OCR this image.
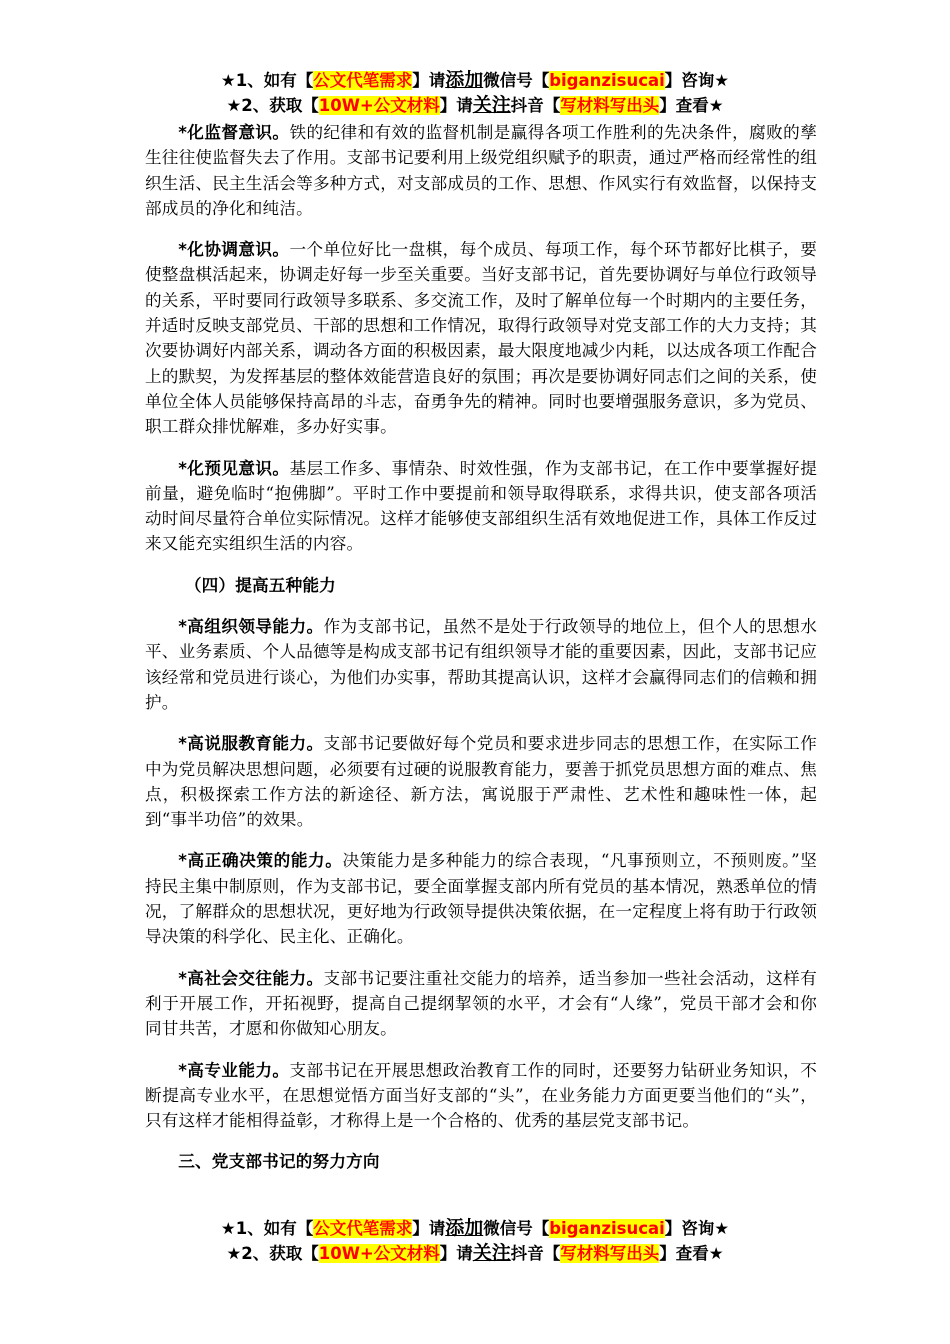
★1、如有【公文代笔需求】请添加微信号【biganzisucai】咨询★
★2、获取【10W+公文材料】请关注抖音【写材料写出头】查看★

*化监督意识。铁的纪律和有效的监督机制是赢得各项工作胜利的先决条件，腐败的孳生往往使监督失去了作用。支部书记要利用上级党组织赋予的职责，通过严格而经常性的组织生活、民主生活会等多种方式，对支部成员的工作、思想、作风实行有效监督，以保持支部成员的净化和纯洁。

*化协调意识。一个单位好比一盘棋，每个成员、每项工作，每个环节都好比棋子，要使整盘棋活起来，协调走好每一步至关重要。当好支部书记，首先要协调好与单位行政领导的关系，平时要同行政领导多联系、多交流工作，及时了解单位每一个时期内的主要任务，并适时反映支部党员、干部的思想和工作情况，取得行政领导对党支部工作的大力支持；其次要协调好内部关系，调动各方面的积极因素，最大限度地减少内耗，以达成各项工作配合上的默契，为发挥基层的整体效能营造良好的氛围；再次是要协调好同志们之间的关系，使单位全体人员能够保持高昂的斗志，奋勇争先的精神。同时也要增强服务意识，多为党员、职工群众排忧解难，多办好实事。

*化预见意识。基层工作多、事情杂、时效性强，作为支部书记，在工作中要掌握好提前量，避免临时“抱佛脚”。平时工作中要提前和领导取得联系，求得共识，使支部各项活动时间尽量符合单位实际情况。这样才能够使支部组织生活有效地促进工作，具体工作反过来又能充实组织生活的内容。

（四）提高五种能力

*高组织领导能力。作为支部书记，虽然不是处于行政领导的地位上，但个人的思想水平、业务素质、个人品德等是构成支部书记有组织领导才能的重要因素，因此，支部书记应该经常和党员进行谈心，为他们办实事，帮助其提高认识，这样才会赢得同志们的信赖和拥护。

*高说服教育能力。支部书记要做好每个党员和要求进步同志的思想工作，在实际工作中为党员解决思想问题，必须要有过硬的说服教育能力，要善于抓党员思想方面的难点、焦点，积极探索工作方法的新途径、新方法，寓说服于严肃性、艺术性和趣味性一体，起到“事半功倍”的效果。

*高正确决策的能力。决策能力是多种能力的综合表现，“凡事预则立，不预则废。”坚持民主集中制原则，作为支部书记，要全面掌握支部内所有党员的基本情况，熟悉单位的情况，了解群众的思想状况，更好地为行政领导提供决策依据，在一定程度上将有助于行政领导决策的科学化、民主化、正确化。

*高社会交往能力。支部书记要注重社交能力的培养，适当参加一些社会活动，这样有利于开展工作，开拓视野，提高自己提纲挈领的水平，才会有“人缘”，党员干部才会和你同甘共苦，才愿和你做知心朋友。

*高专业能力。支部书记在开展思想政治教育工作的同时，还要努力钻研业务知识，不断提高专业水平，在思想觉悟方面当好支部的“头”，在业务能力方面更要当他们的“头”，只有这样才能相得益彰，才称得上是一个合格的、优秀的基层党支部书记。

三、党支部书记的努力方向

★1、如有【公文代笔需求】请添加微信号【biganzisucai】咨询★
★2、获取【10W+公文材料】请关注抖音【写材料写出头】查看★
